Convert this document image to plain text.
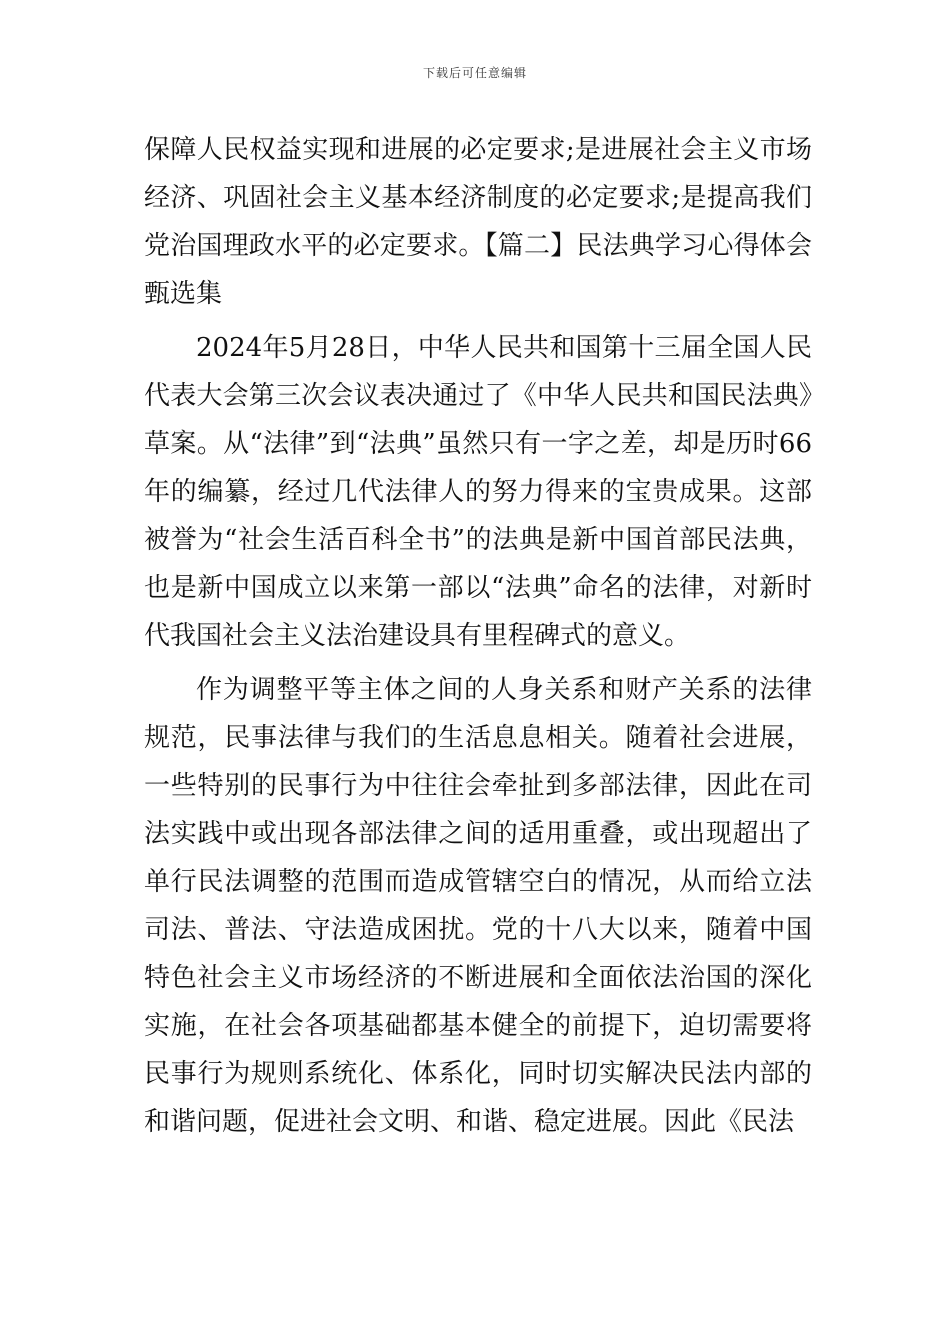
下载后可任意编辑

保障人民权益实现和进展的必定要求;是进展社会主义市场经济、巩固社会主义基本经济制度的必定要求;是提高我们党治国理政水平的必定要求。【篇二】民法典学习心得体会甄选集

2024年5月28日，中华人民共和国第十三届全国人民代表大会第三次会议表决通过了《中华人民共和国民法典》草案。从“法律”到“法典”虽然只有一字之差，却是历时66年的编纂，经过几代法律人的努力得来的宝贵成果。这部被誉为“社会生活百科全书”的法典是新中国首部民法典，也是新中国成立以来第一部以“法典”命名的法律，对新时代我国社会主义法治建设具有里程碑式的意义。

作为调整平等主体之间的人身关系和财产关系的法律规范，民事法律与我们的生活息息相关。随着社会进展，一些特别的民事行为中往往会牵扯到多部法律，因此在司法实践中或出现各部法律之间的适用重叠，或出现超出了单行民法调整的范围而造成管辖空白的情况，从而给立法司法、普法、守法造成困扰。党的十八大以来，随着中国特色社会主义市场经济的不断进展和全面依法治国的深化实施，在社会各项基础都基本健全的前提下，迫切需要将民事行为规则系统化、体系化，同时切实解决民法内部的和谐问题，促进社会文明、和谐、稳定进展。因此《民法
